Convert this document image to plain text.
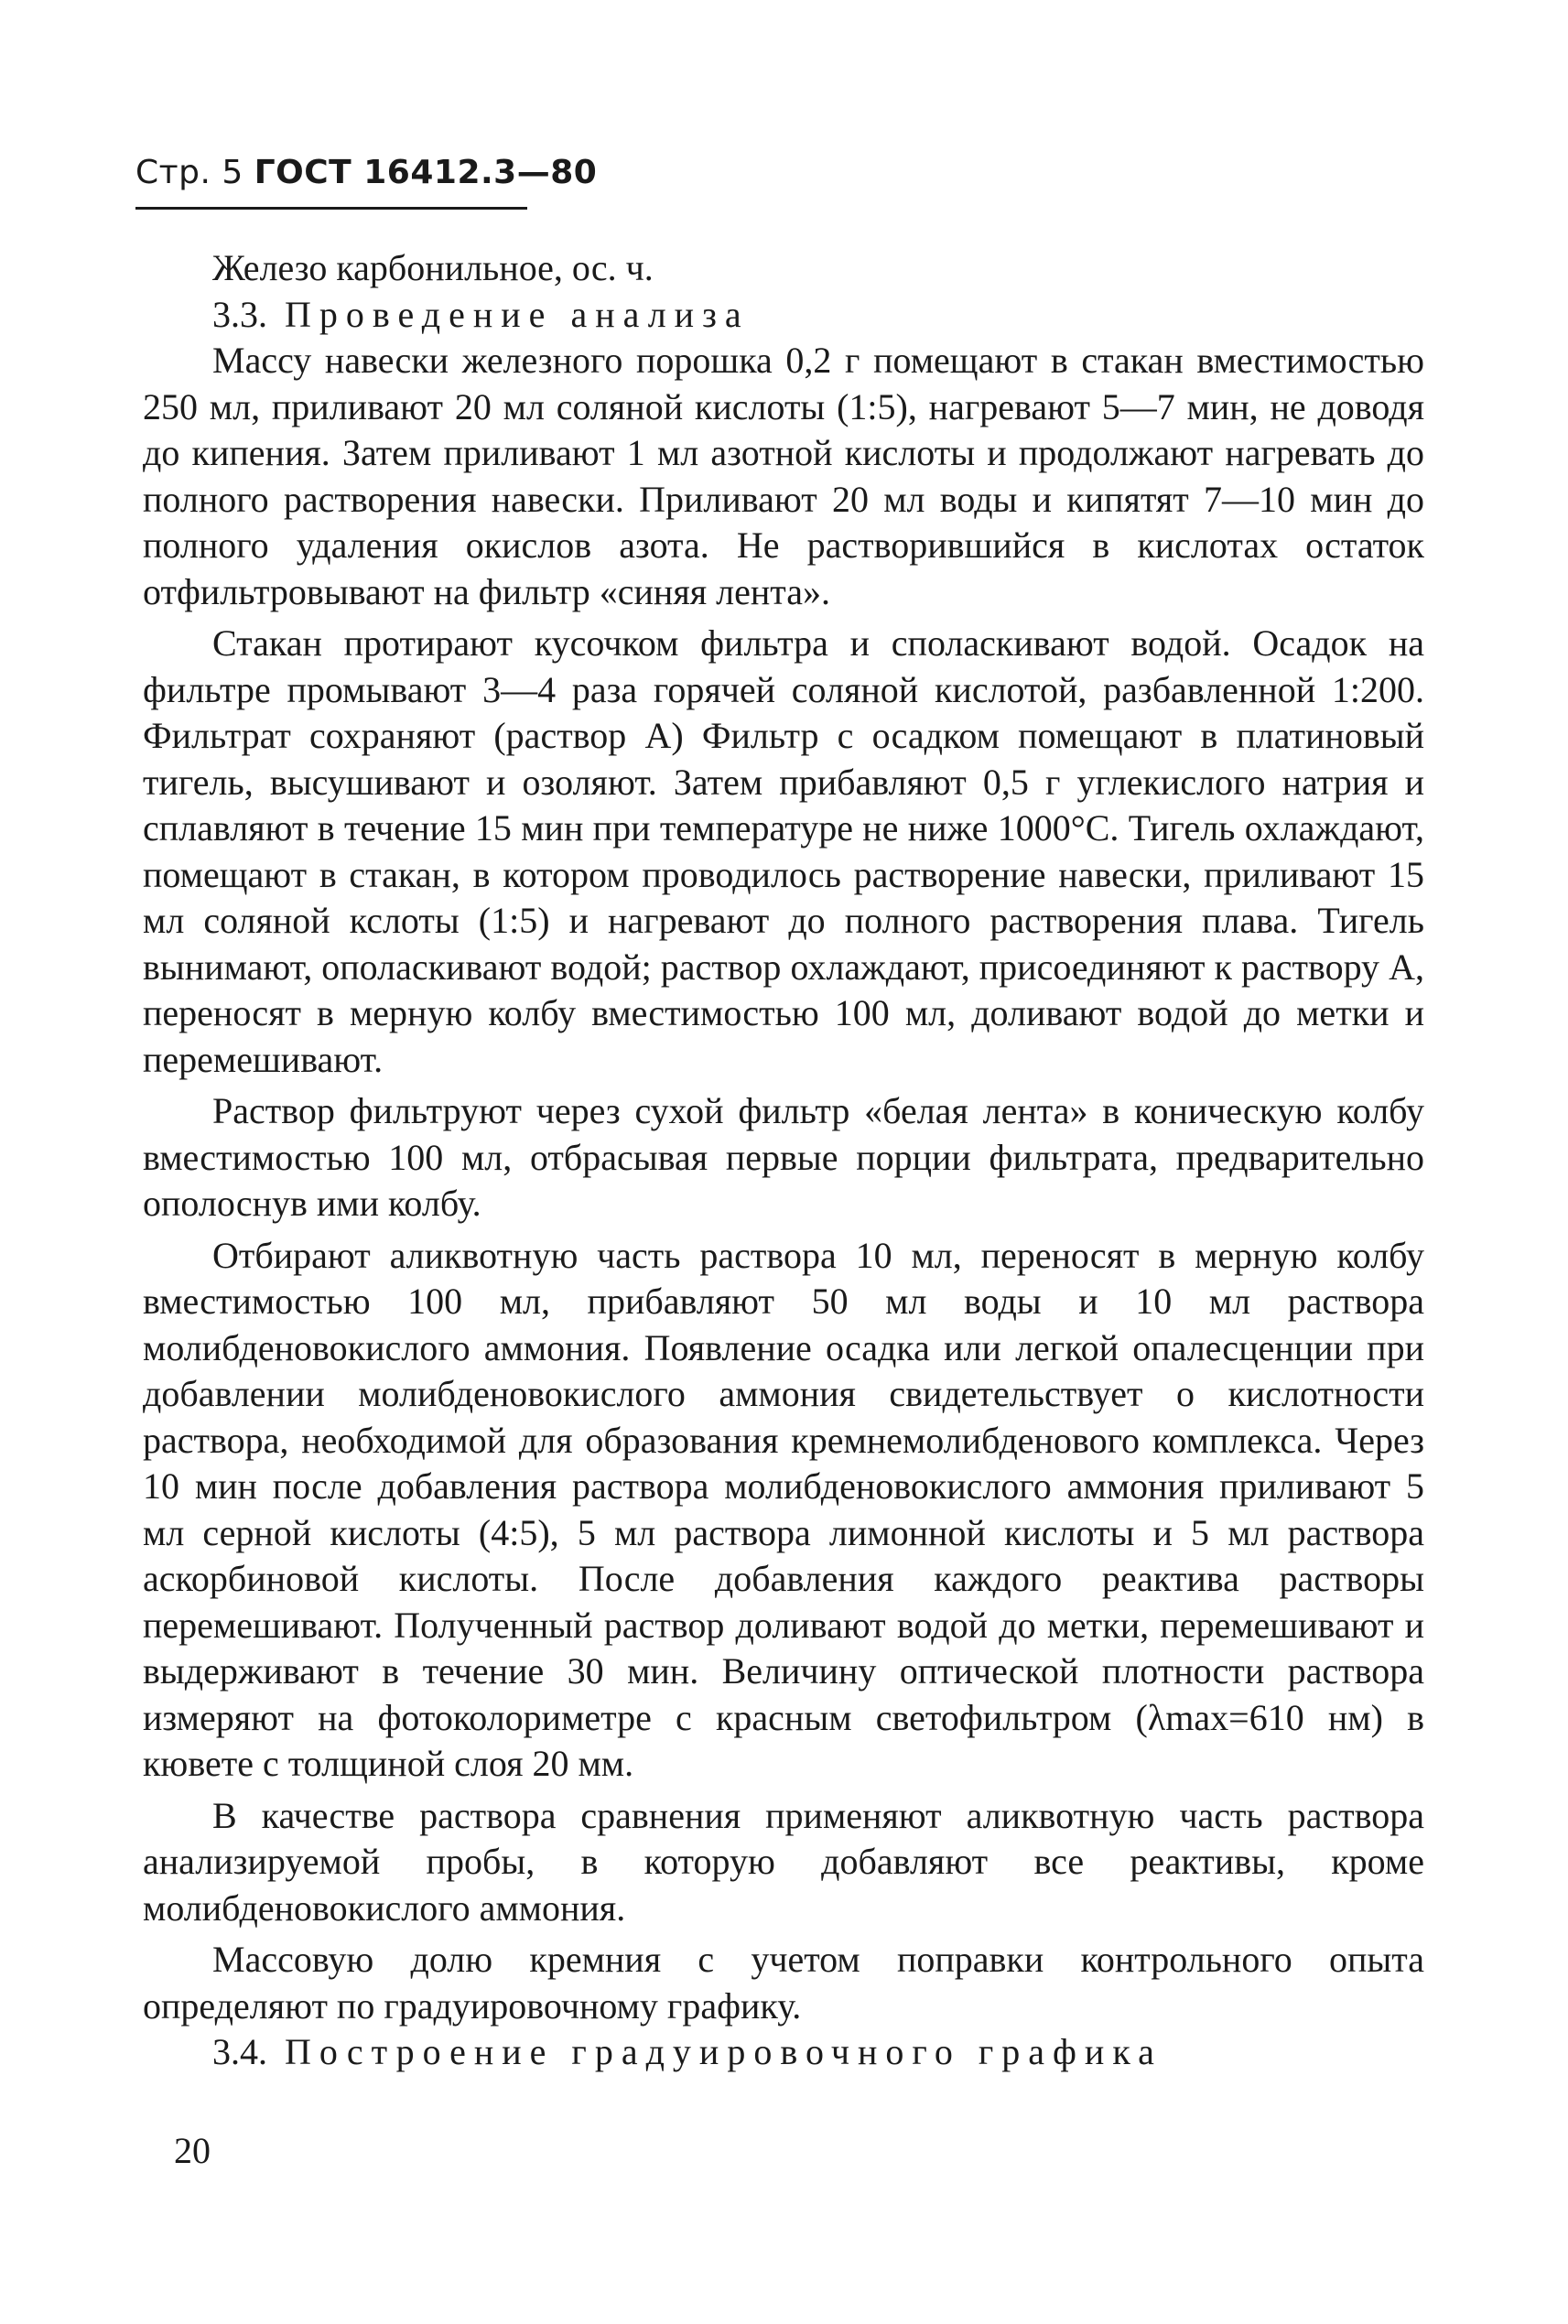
Стр. 5 ГОСТ 16412.3—80

Железо карбонильное, ос. ч.

3.3. Проведение анализа

Массу навески железного порошка 0,2 г помещают в стакан вместимостью 250 мл, приливают 20 мл соляной кислоты (1:5), нагревают 5—7 мин, не доводя до кипения. Затем приливают 1 мл азотной кислоты и продолжают нагревать до полного растворения навески. Приливают 20 мл воды и кипятят 7—10 мин до полного удаления окислов азота. Не растворившийся в кислотах остаток отфильтровывают на фильтр «синяя лента».

Стакан протирают кусочком фильтра и споласкивают водой. Осадок на фильтре промывают 3—4 раза горячей соляной кислотой, разбавленной 1:200. Фильтрат сохраняют (раствор А) Фильтр с осадком помещают в платиновый тигель, высушивают и озоляют. Затем прибавляют 0,5 г углекислого натрия и сплавляют в течение 15 мин при температуре не ниже 1000°С. Тигель охлаждают, помещают в стакан, в котором проводилось растворение навески, приливают 15 мл соляной кслоты (1:5) и нагревают до полного растворения плава. Тигель вынимают, ополаскивают водой; раствор охлаждают, присоединяют к раствору А, переносят в мерную колбу вместимостью 100 мл, доливают водой до метки и перемешивают.

Раствор фильтруют через сухой фильтр «белая лента» в коническую колбу вместимостью 100 мл, отбрасывая первые порции фильтрата, предварительно ополоснув ими колбу.

Отбирают аликвотную часть раствора 10 мл, переносят в мерную колбу вместимостью 100 мл, прибавляют 50 мл воды и 10 мл раствора молибденовокислого аммония. Появление осадка или легкой опалесценции при добавлении молибденовокислого аммония свидетельствует о кислотности раствора, необходимой для образования кремнемолибденового комплекса. Через 10 мин после добавления раствора молибденовокислого аммония приливают 5 мл серной кислоты (4:5), 5 мл раствора лимонной кислоты и 5 мл раствора аскорбиновой кислоты. После добавления каждого реактива растворы перемешивают. Полученный раствор доливают водой до метки, перемешивают и выдерживают в течение 30 мин. Величину оптической плотности раствора измеряют на фотоколориметре с красным светофильтром (λmax=610 нм) в кювете с толщиной слоя 20 мм.

В качестве раствора сравнения применяют аликвотную часть раствора анализируемой пробы, в которую добавляют все реактивы, кроме молибденовокислого аммония.

Массовую долю кремния с учетом поправки контрольного опыта определяют по градуировочному графику.

3.4. Построение градуировочного графика

20
